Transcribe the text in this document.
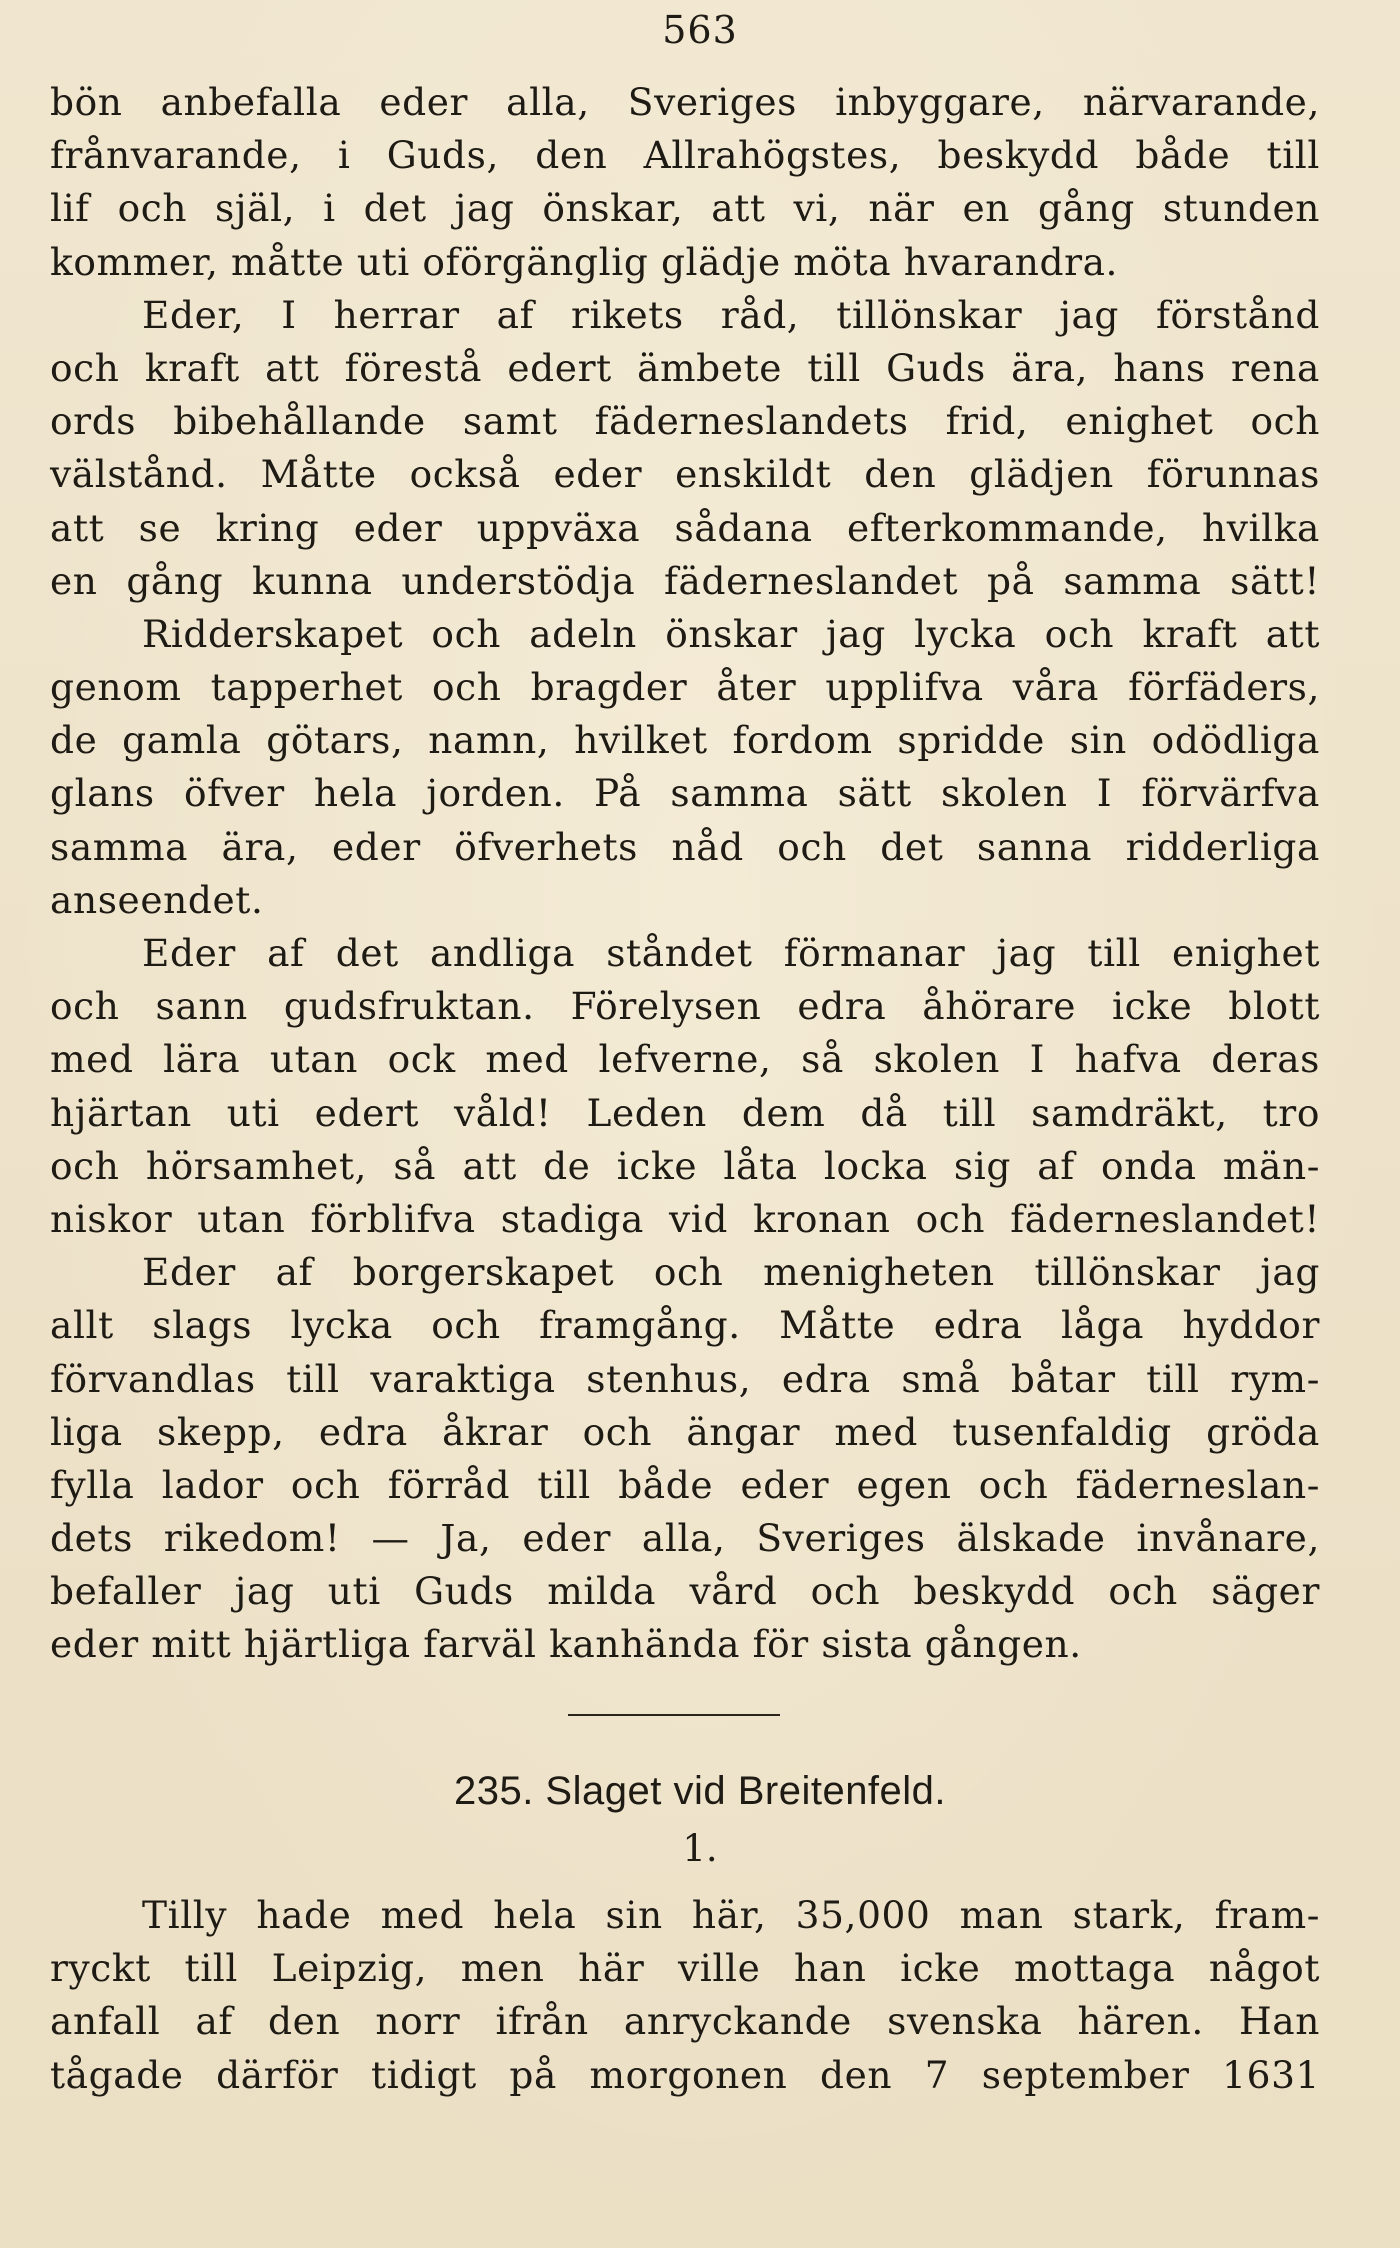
563
bön anbefalla eder alla, Sveriges inbyggare, närvarande,
frånvarande, i Guds, den Allrahögstes, beskydd både till
lif och själ, i det jag önskar, att vi, när en gång stunden
kommer, måtte uti oförgänglig glädje möta hvarandra.
Eder, I herrar af rikets råd, tillönskar jag förstånd
och kraft att förestå edert ämbete till Guds ära, hans rena
ords bibehållande samt fäderneslandets frid, enighet och
välstånd. Måtte också eder enskildt den glädjen förunnas
att se kring eder uppväxa sådana efterkommande, hvilka
en gång kunna understödja fäderneslandet på samma sätt!
Ridderskapet och adeln önskar jag lycka och kraft att
genom tapperhet och bragder åter upplifva våra förfäders,
de gamla götars, namn, hvilket fordom spridde sin odödliga
glans öfver hela jorden. På samma sätt skolen I förvärfva
samma ära, eder öfverhets nåd och det sanna ridderliga
anseendet.
Eder af det andliga ståndet förmanar jag till enighet
och sann gudsfruktan. Förelysen edra åhörare icke blott
med lära utan ock med lefverne, så skolen I hafva deras
hjärtan uti edert våld! Leden dem då till samdräkt, tro
och hörsamhet, så att de icke låta locka sig af onda män-
niskor utan förblifva stadiga vid kronan och fäderneslandet!
Eder af borgerskapet och menigheten tillönskar jag
allt slags lycka och framgång. Måtte edra låga hyddor
förvandlas till varaktiga stenhus, edra små båtar till rym-
liga skepp, edra åkrar och ängar med tusenfaldig gröda
fylla lador och förråd till både eder egen och fäderneslan-
dets rikedom! — Ja, eder alla, Sveriges älskade invånare,
befaller jag uti Guds milda vård och beskydd och säger
eder mitt hjärtliga farväl kanhända för sista gången.
235. Slaget vid Breitenfeld.
1.
Tilly hade med hela sin här, 35,000 man stark, fram-
ryckt till Leipzig, men här ville han icke mottaga något
anfall af den norr ifrån anryckande svenska hären. Han
tågade därför tidigt på morgonen den 7 september 1631
